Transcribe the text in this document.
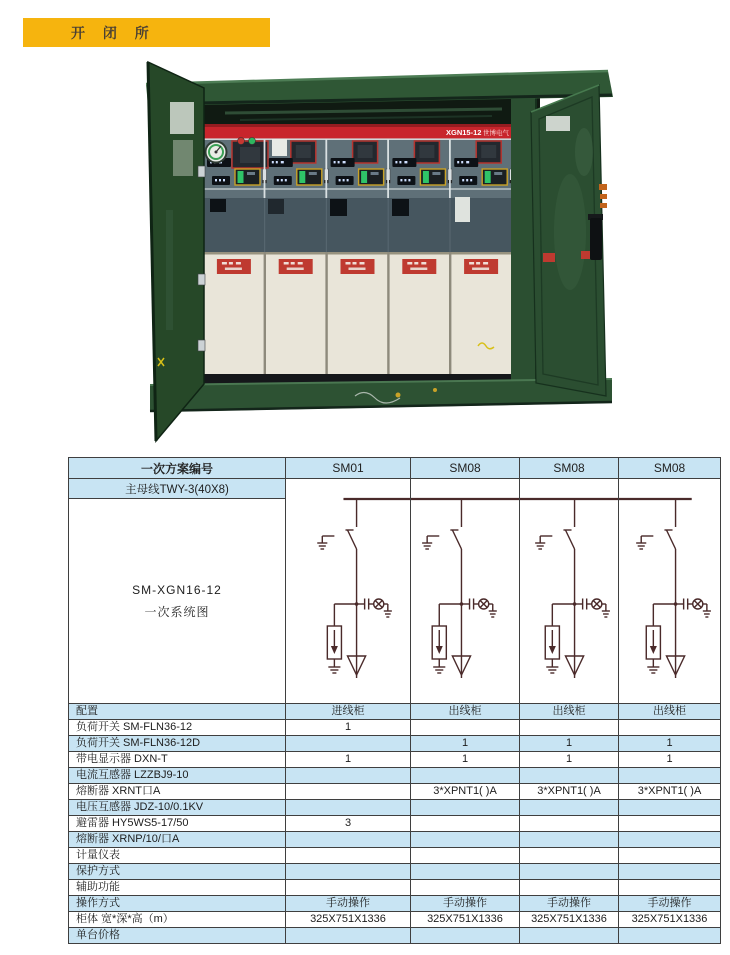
开 闭 所
XGN15-12 世博电气
一次方案编号	SM01	SM08	SM08	SM08
主母线TWY-3(40X8)	

SM-XGN16-12
一次系统图				

配置	进线柜	出线柜	出线柜	出线柜
负荷开关 SM-FLN36-12	1			
负荷开关 SM-FLN36-12D		1	1	1
带电显示器 DXN-T	1	1	1	1
电流互感器 LZZBJ9-10				
熔断器 XRNT口A		3*XPNT1( )A	3*XPNT1( )A	3*XPNT1( )A
电压互感器 JDZ-10/0.1KV				
避雷器 HY5WS5-17/50	3			
熔断器 XRNP/10/口A				
计量仪表				
保护方式				
辅助功能				
操作方式	手动操作	手动操作	手动操作	手动操作
柜体 宽*深*高（m）	325X751X1336	325X751X1336	325X751X1336	325X751X1336
单台价格				
